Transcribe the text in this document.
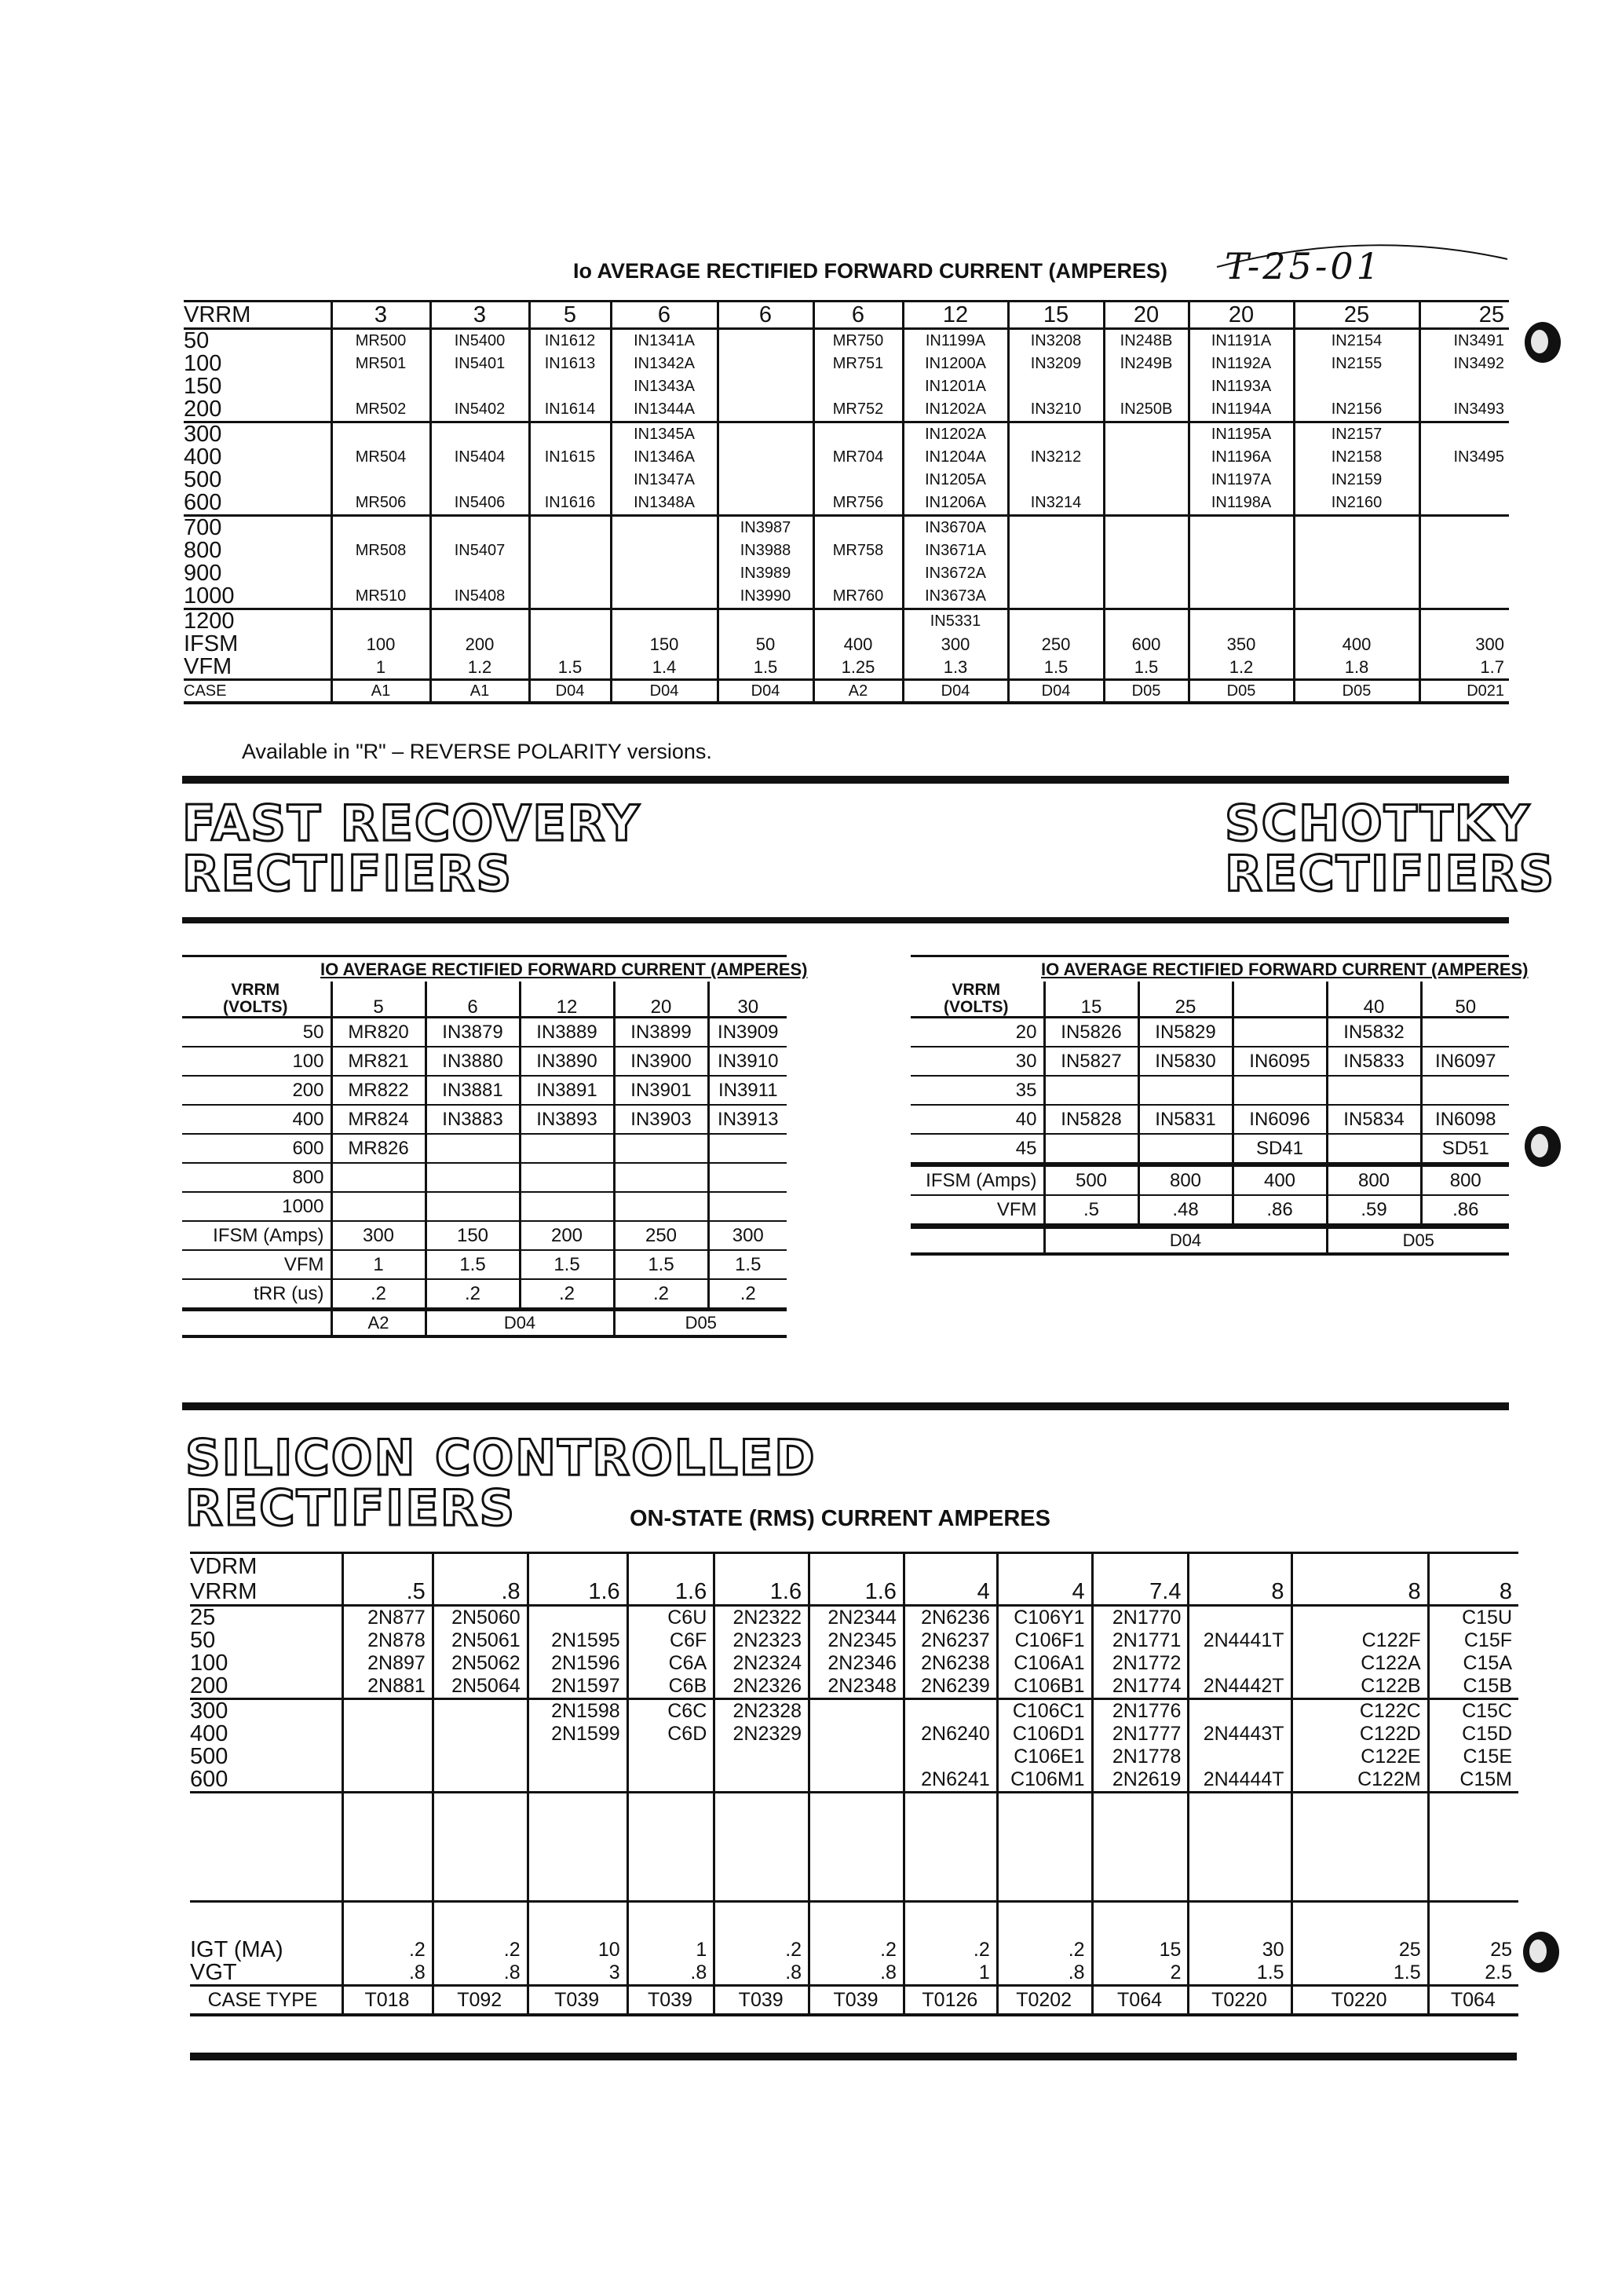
T-25-01
Io AVERAGE RECTIFIED FORWARD CURRENT (AMPERES)
VRRM	3	3	5	6	6	6	12	15	20	20	25	25
50	MR500	IN5400	IN1612	IN1341A		MR750	IN1199A	IN3208	IN248B	IN1191A	IN2154	IN3491
100	MR501	IN5401	IN1613	IN1342A		MR751	IN1200A	IN3209	IN249B	IN1192A	IN2155	IN3492
150				IN1343A			IN1201A			IN1193A		
200	MR502	IN5402	IN1614	IN1344A		MR752	IN1202A	IN3210	IN250B	IN1194A	IN2156	IN3493
300				IN1345A			IN1202A			IN1195A	IN2157	
400	MR504	IN5404	IN1615	IN1346A		MR704	IN1204A	IN3212		IN1196A	IN2158	IN3495
500				IN1347A			IN1205A			IN1197A	IN2159	
600	MR506	IN5406	IN1616	IN1348A		MR756	IN1206A	IN3214		IN1198A	IN2160	
700					IN3987		IN3670A					
800	MR508	IN5407			IN3988	MR758	IN3671A					
900					IN3989		IN3672A					
1000	MR510	IN5408			IN3990	MR760	IN3673A					
1200							IN5331					
IFSM	100	200		150	50	400	300	250	600	350	400	300
VFM	1	1.2	1.5	1.4	1.5	1.25	1.3	1.5	1.5	1.2	1.8	1.7
CASE	A1	A1	D04	D04	D04	A2	D04	D04	D05	D05	D05	D021
Available in "R" – REVERSE POLARITY versions.
FAST RECOVERY
RECTIFIERS
SCHOTTKY
RECTIFIERS
IO AVERAGE RECTIFIED FORWARD CURRENT (AMPERES)
VRRM
(VOLTS)	5	6	12	20	30
50	MR820	IN3879	IN3889	IN3899	IN3909
100	MR821	IN3880	IN3890	IN3900	IN3910
200	MR822	IN3881	IN3891	IN3901	IN3911
400	MR824	IN3883	IN3893	IN3903	IN3913
600	MR826				
800					
1000					
IFSM (Amps)	300	150	200	250	300
VFM	1	1.5	1.5	1.5	1.5
tRR (us)	.2	.2	.2	.2	.2

	A2	D04		D05	
IO AVERAGE RECTIFIED FORWARD CURRENT (AMPERES)
VRRM
(VOLTS)	15	25		40	50
20	IN5826	IN5829		IN5832	
30	IN5827	IN5830	IN6095	IN5833	IN6097
35					
40	IN5828	IN5831	IN6096	IN5834	IN6098
45			SD41		SD51

IFSM (Amps)	500	800	400	800	800
VFM	.5	.48	.86	.59	.86

	D04			D05	
SILICON CONTROLLED
RECTIFIERS	ON-STATE (RMS) CURRENT AMPERES
VDRM
VRRM	.5	.8	1.6	1.6	1.6	1.6	4	4	7.4	8	8	8
25	2N877	2N5060		C6U	2N2322	2N2344	2N6236	C106Y1	2N1770			C15U
50	2N878	2N5061	2N1595	C6F	2N2323	2N2345	2N6237	C106F1	2N1771	2N4441T	C122F	C15F
100	2N897	2N5062	2N1596	C6A	2N2324	2N2346	2N6238	C106A1	2N1772		C122A	C15A
200	2N881	2N5064	2N1597	C6B	2N2326	2N2348	2N6239	C106B1	2N1774	2N4442T	C122B	C15B
300			2N1598	C6C	2N2328			C106C1	2N1776		C122C	C15C
400			2N1599	C6D	2N2329		2N6240	C106D1	2N1777	2N4443T	C122D	C15D
500								C106E1	2N1778		C122E	C15E
600							2N6241	C106M1	2N2619	2N4444T	C122M	C15M

IGT (MA)	.2	.2	10	1	.2	.2	.2	.2	15	30	25	25
VGT	.8	.8	3	.8	.8	.8	1	.8	2	1.5	1.5	2.5
CASE TYPE	T018	T092	T039	T039	T039	T039	T0126	T0202	T064	T0220	T0220	T064
